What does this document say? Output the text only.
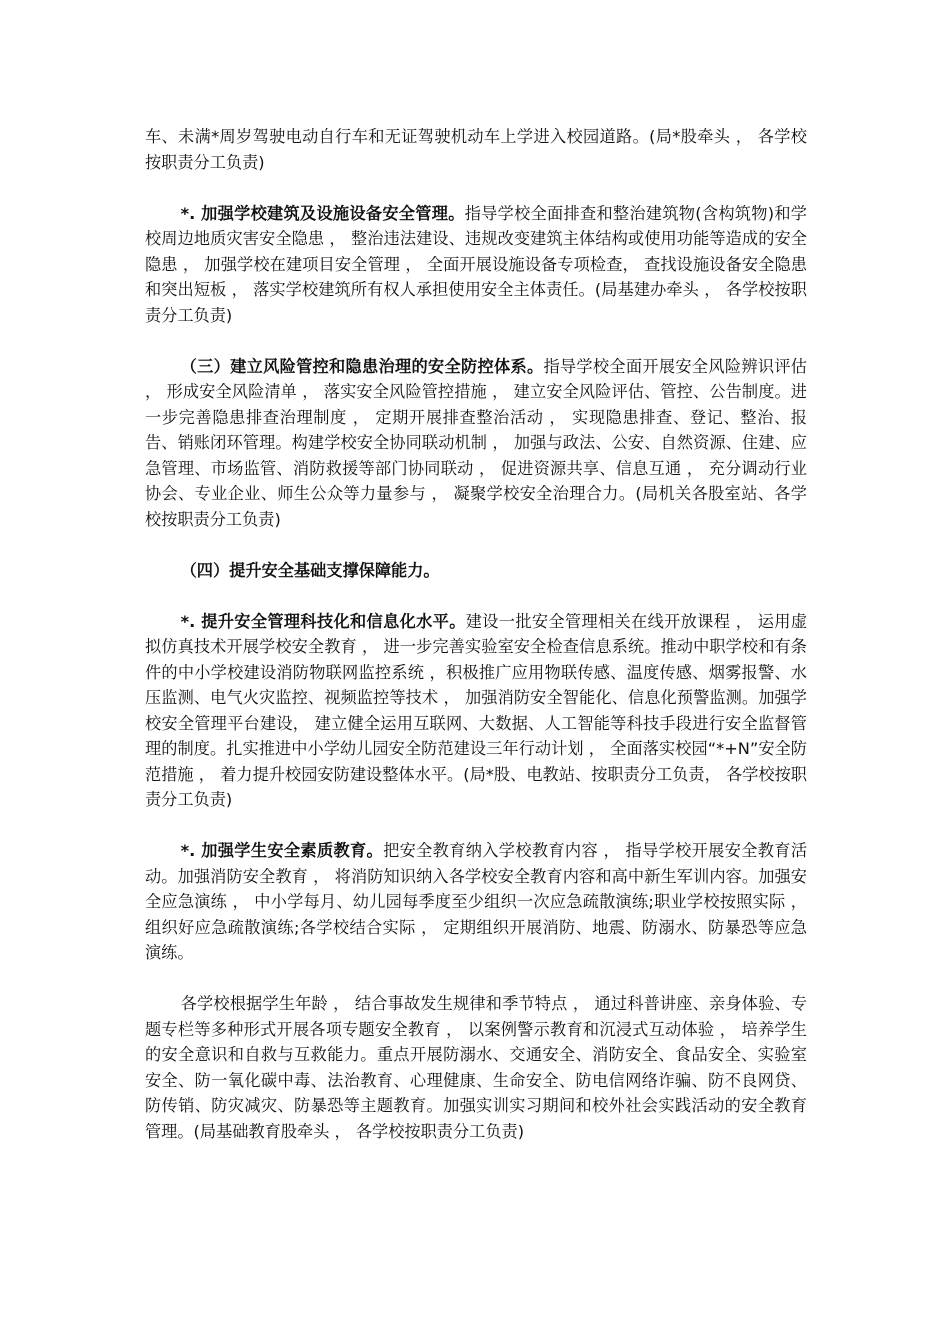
车、未满*周岁驾驶电动自行车和无证驾驶机动车上学进入校园道路。(局*股牵头 ， 各学校按职责分工负责)

*. 加强学校建筑及设施设备安全管理。指导学校全面排查和整治建筑物(含构筑物)和学校周边地质灾害安全隐患 ， 整治违法建设、违规改变建筑主体结构或使用功能等造成的安全隐患 ， 加强学校在建项目安全管理 ， 全面开展设施设备专项检查， 查找设施设备安全隐患和突出短板 ， 落实学校建筑所有权人承担使用安全主体责任。(局基建办牵头 ， 各学校按职责分工负责)

（三）建立风险管控和隐患治理的安全防控体系。指导学校全面开展安全风险辨识评估 ， 形成安全风险清单 ， 落实安全风险管控措施 ， 建立安全风险评估、管控、公告制度。进一步完善隐患排查治理制度 ， 定期开展排查整治活动 ， 实现隐患排查、登记、整治、报告、销账闭环管理。构建学校安全协同联动机制 ， 加强与政法、公安、自然资源、住建、应急管理、市场监管、消防救援等部门协同联动 ， 促进资源共享、信息互通 ， 充分调动行业协会、专业企业、师生公众等力量参与 ， 凝聚学校安全治理合力。(局机关各股室站、各学校按职责分工负责)

（四）提升安全基础支撑保障能力。

*. 提升安全管理科技化和信息化水平。建设一批安全管理相关在线开放课程 ， 运用虚拟仿真技术开展学校安全教育 ， 进一步完善实验室安全检查信息系统。推动中职学校和有条件的中小学校建设消防物联网监控系统 ，积极推广应用物联传感、温度传感、烟雾报警、水压监测、电气火灾监控、视频监控等技术 ， 加强消防安全智能化、信息化预警监测。加强学校安全管理平台建设， 建立健全运用互联网、大数据、人工智能等科技手段进行安全监督管理的制度。扎实推进中小学幼儿园安全防范建设三年行动计划 ， 全面落实校园“*+N”安全防范措施 ， 着力提升校园安防建设整体水平。(局*股、电教站、按职责分工负责， 各学校按职责分工负责)

*. 加强学生安全素质教育。把安全教育纳入学校教育内容 ， 指导学校开展安全教育活动。加强消防安全教育 ， 将消防知识纳入各学校安全教育内容和高中新生军训内容。加强安全应急演练 ， 中小学每月、幼儿园每季度至少组织一次应急疏散演练;职业学校按照实际 ， 组织好应急疏散演练;各学校结合实际 ， 定期组织开展消防、地震、防溺水、防暴恐等应急演练。

各学校根据学生年龄 ， 结合事故发生规律和季节特点 ， 通过科普讲座、亲身体验、专题专栏等多种形式开展各项专题安全教育 ， 以案例警示教育和沉浸式互动体验 ， 培养学生的安全意识和自救与互救能力。重点开展防溺水、交通安全、消防安全、食品安全、实验室安全、防一氧化碳中毒、法治教育、心理健康、生命安全、防电信网络诈骗、防不良网贷、防传销、防灾减灾、防暴恐等主题教育。加强实训实习期间和校外社会实践活动的安全教育管理。(局基础教育股牵头 ， 各学校按职责分工负责)
